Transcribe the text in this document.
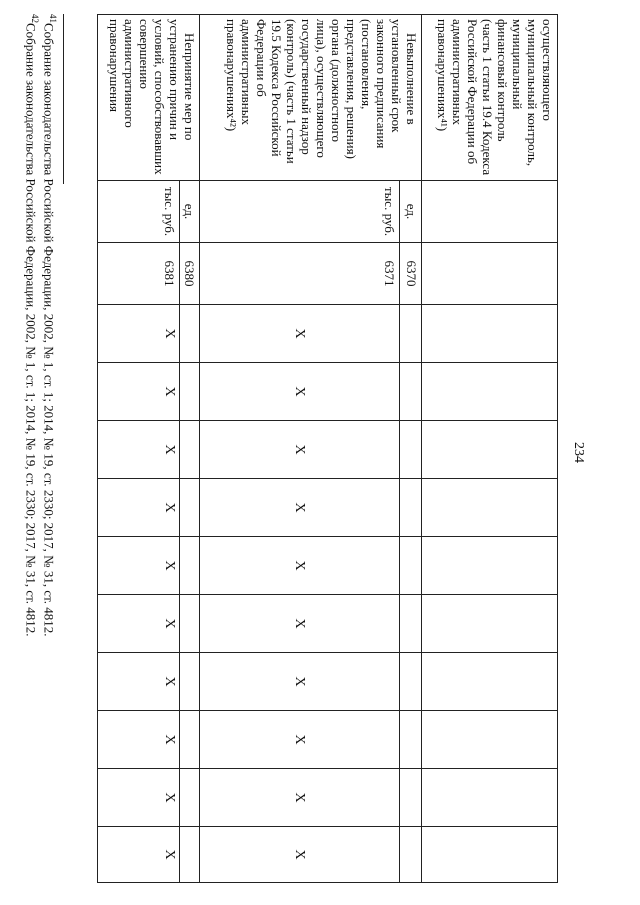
234
осуществляющего муниципальный контроль, муниципальный финансовый контроль (часть 1 статьи 19.4 Кодекса Российской Федерации об административных правонарушениях⁴¹)												
Невыполнение в установленный срок законного предписания (постановления, представления, решения) органа (должностного лица), осуществляющего государственный надзор (контроль) (часть 1 статьи 19.5 Кодекса Российской Федерации об административных правонарушениях⁴²)	ед.	6370										
	тыс. руб.	6371	X	X	X	X	X	X	X	X	X	X
Непринятие мер по устранению причин и условий, способствовавших совершению административного правонарушения	ед.	6380										
	тыс. руб.	6381	X	X	X	X	X	X	X	X	X	X
$^{41}$Собрание законодательства Российской Федерации, 2002, № 1, ст. 1; 2014, № 19, ст. 2330; 2017, № 31, ст. 4812.
$^{42}$Собрание законодательства Российской Федерации, 2002, № 1, ст. 1; 2014, № 19, ст. 2330; 2017, № 31, ст. 4812.
